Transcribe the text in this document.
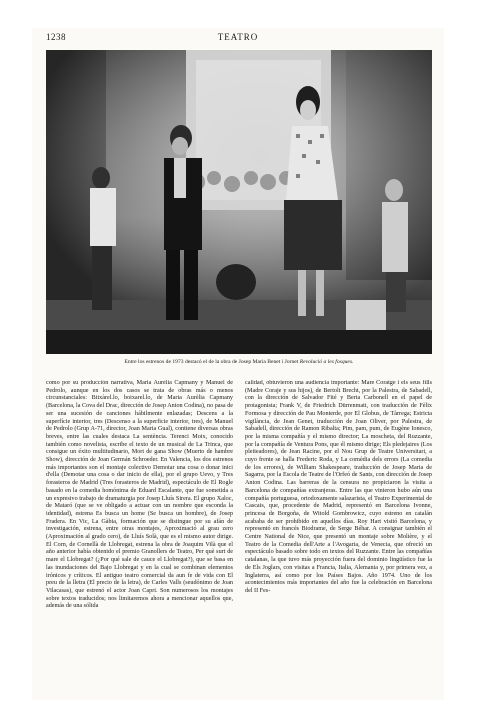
1238	TEATRO
Entre los estrenos de 1973 destacó el de la obra de Josep Maria Benet i Jornet Revolució a les fosques.

como por su producción narrativa, Maria Aurèlia Capmany y Manuel de Pedrolo, aunque en los dos casos se trata de obras más o menos circunstanciales: Bitxàrel.lo, boixarel.lo, de Maria Aurèlia Capmany (Barcelona, la Cova del Drac, dirección de Josep Anton Codina), no pasa de ser una sucesión de canciones hábilmente enlazadas; Descens a la superfície interior, tres (Descenso a la superficie interior, tres), de Manuel de Pedrolo (Grup A-71, director, Joan Maria Gual), contiene diversas obras breves, entre las cuales destaca La sentència. Terenci Moix, conocido también como novelista, escribe el texto de un musical de La Trinca, que consigue un éxito multitudinario, Mort de gana Show (Muerto de hambre Show), dirección de Joan Germán Schroeder. En Valencia, los dos estrenos más importantes son el montaje colectivo Demotar una cosa o donar inici d'ella (Demotar una cosa o dar inicio de ella), por el grupo Uevo, y Tres forasteros de Madrid (Tres forasteros de Madrid), espectáculo de El Rogle basado en la comedia homónima de Eduard Escalante, que fue sometida a un expresivo trabajo de dramaturgia por Josep Lluís Sirera. El grupo Xaloc, de Mataró (que se ve obligado a actuar con un nombre que esconda la identidad), estrena Es busca un home (Se busca un hombre), de Josep Fradera. En Vic, La Gàbia, formación que se distingue por su afán de investigación, estrena, entre otras montajes, Aproximació al grau zero (Aproximación al grado cero), de Lluís Solà, que es el mismo autor dirige. El Corn, de Cornellà de Llobregat, estrena la obra de Joaquim Vilà que el año anterior había obtenido el premio Granollers de Teatro, Per què surt de mare el Llobregat? (¿Por qué sale de cauce el Llobregat?), que se basa en las inundaciones del Bajo Llobregat y en la cual se combinan elementos irónicos y críticos. El antiguo teatro comercial da aun fe de vida con El preu de la lletra (El precio de la letra), de Carles Valls (seudónimo de Joan Vilacasas), que estrenó el actor Joan Capri. Son numerosos los montajes sobre textos traducidos; nos limitaremos ahora a mencionar aquellos que, además de una sólida

calidad, obtuvieron una audiencia importante: Mare Coratge i els seus fills (Madre Coraje y sus hijos), de Bertolt Brecht, por la Palestra, de Sabadell, con la dirección de Salvador Fité y Berta Carbonell en el papel de protagonista; Frank V, de Friedrich Dürrenmatt, con traducción de Fèlix Formosa y dirección de Pau Monterde, por El Globus, de Tàrrega; Estricta vigilància, de Jean Genet, traducción de Joan Oliver, por Palestra, de Sabadell, dirección de Ramon Ribalta; Pim, pam, pum, de Eugène Ionesco, por la misma compañía y el mismo director; La moscheta, del Ruzzante, por la compañía de Ventura Pons, que él mismo dirige; Els pledejaires (Los pleiteadores), de Jean Racine, por el Nou Grup de Teatre Universitari, a cuyo frente se halla Frederic Roda, y La comèdia dels errors (La comedia de los errores), de William Shakespeare, traducción de Josep Maria de Sagarra, por la Escola de Teatre de l'Orfeó de Sants, con dirección de Josep Anton Codina. Las barreras de la censura no propiciaron la visita a Barcelona de compañías extranjeras. Entre las que vinieron hubo aún una compañía portuguesa, ortodoxamente salazarista, el Teatro Experimental de Cascais, que, procedente de Madrid, representó en Barcelona Ivonne, princesa de Borgoña, de Witold Gombrowicz, cuyo estreno en catalán acababa de ser prohibido en aquellos días. Roy Hart visitó Barcelona, y representó en francés Biodrame, de Serge Béhar. A consignar también el Centre National de Nice, que presentó un montaje sobre Molière, y el Teatro de la Comedia dell'Arte a l'Avogaria, de Venecia, que ofreció un espectáculo basado sobre todo en textos del Ruzzante. Entre las compañías catalanas, la que tuvo más proyección fuera del dominio lingüístico fue la de Els Joglars, con visitas a Francia, Italia, Alemania y, por primera vez, a Inglaterra, así como por los Países Bajos. Año 1974. Uno de los acontecimientos más importantes del año fue la celebración en Barcelona del II Fes-
